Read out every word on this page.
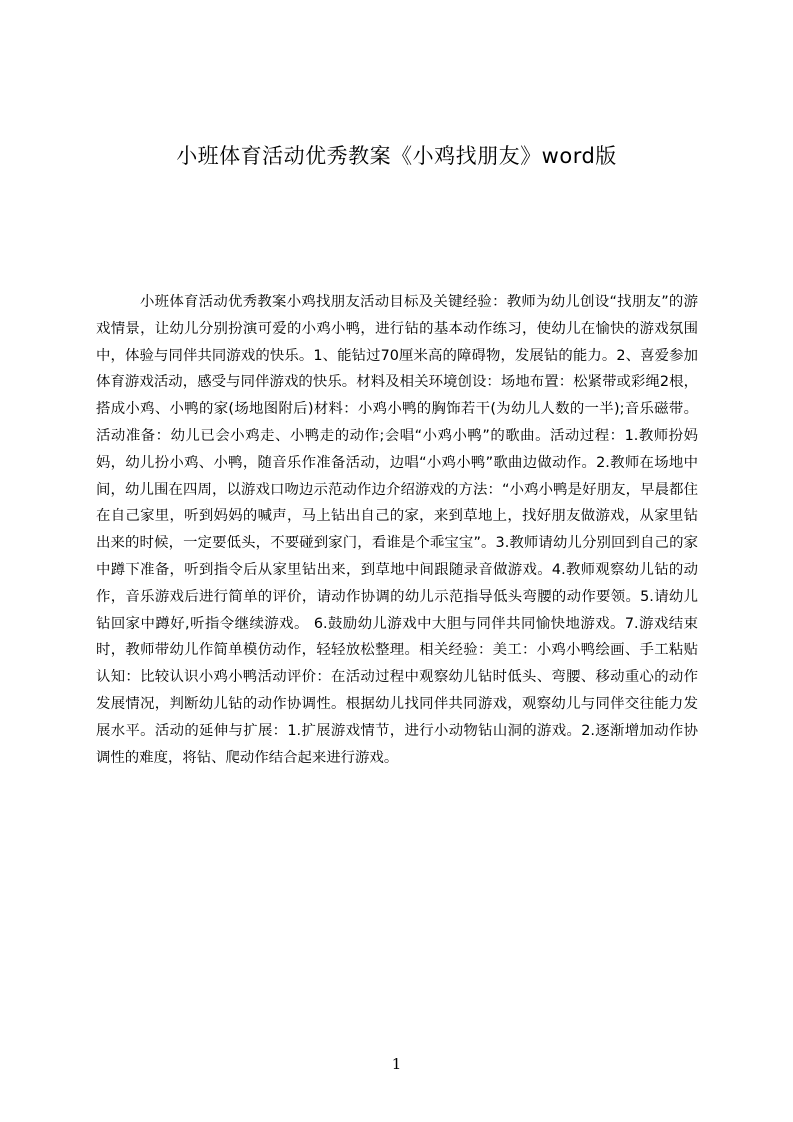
小班体育活动优秀教案《小鸡找朋友》word版

小班体育活动优秀教案小鸡找朋友活动目标及关键经验：教师为幼儿创设“找朋友”的游戏情景，让幼儿分别扮演可爱的小鸡小鸭，进行钻的基本动作练习，使幼儿在愉快的游戏氛围中，体验与同伴共同游戏的快乐。1、能钻过70厘米高的障碍物，发展钻的能力。2、喜爱参加体育游戏活动，感受与同伴游戏的快乐。材料及相关环境创设：场地布置：松紧带或彩绳2根，搭成小鸡、小鸭的家(场地图附后)材料：小鸡小鸭的胸饰若干(为幼儿人数的一半);音乐磁带。活动准备：幼儿已会小鸡走、小鸭走的动作;会唱“小鸡小鸭”的歌曲。活动过程：1.教师扮妈妈，幼儿扮小鸡、小鸭，随音乐作准备活动，边唱“小鸡小鸭”歌曲边做动作。2.教师在场地中间，幼儿围在四周，以游戏口吻边示范动作边介绍游戏的方法：“小鸡小鸭是好朋友，早晨都住在自己家里，听到妈妈的喊声，马上钻出自己的家，来到草地上，找好朋友做游戏，从家里钻出来的时候，一定要低头，不要碰到家门，看谁是个乖宝宝”。3.教师请幼儿分别回到自己的家中蹲下准备，听到指令后从家里钻出来，到草地中间跟随录音做游戏。4.教师观察幼儿钻的动作，音乐游戏后进行简单的评价，请动作协调的幼儿示范指导低头弯腰的动作要领。5.请幼儿钻回家中蹲好,听指令继续游戏。 6.鼓励幼儿游戏中大胆与同伴共同愉快地游戏。7.游戏结束时，教师带幼儿作简单模仿动作，轻轻放松整理。相关经验：美工：小鸡小鸭绘画、手工粘贴认知：比较认识小鸡小鸭活动评价：在活动过程中观察幼儿钻时低头、弯腰、移动重心的动作发展情况，判断幼儿钻的动作协调性。根据幼儿找同伴共同游戏，观察幼儿与同伴交往能力发展水平。活动的延伸与扩展：1.扩展游戏情节，进行小动物钻山洞的游戏。2.逐渐增加动作协调性的难度，将钻、爬动作结合起来进行游戏。

1
